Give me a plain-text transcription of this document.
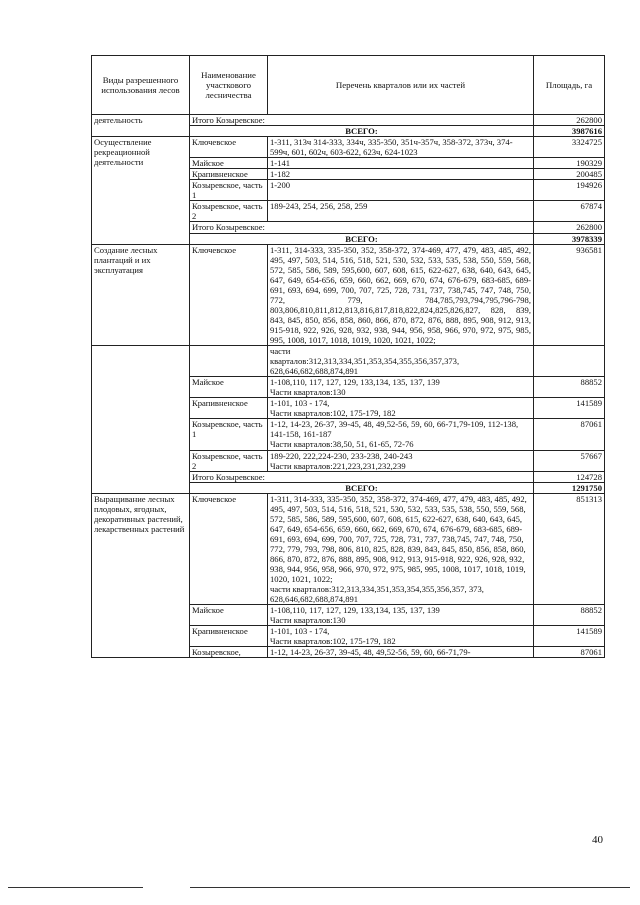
Виды разрешенного использования лесов	Наименование участкового лесничества	Перечень кварталов или их частей	Площадь, га
деятельность	Итого Козыревское:		262800
	ВСЕГО:		3987616
Осуществление рекреационной деятельности	Ключевское	1-311, 313ч 314-333, 334ч, 335-350, 351ч-357ч, 358-372, 373ч, 374-599ч, 601, 602ч, 603-622, 623ч, 624-1023	3324725
	Майское	1-141	190329
	Крапивненское	1-182	200485
	Козыревское, часть 1	1-200	194926
	Козыревское, часть 2	189-243, 254, 256, 258, 259	67874
	Итого Козыревское:		262800
	ВСЕГО:		3978339
Создание лесных плантаций и их эксплуатация	Ключевское	1-311, 314-333, 335-350, 352, 358-372, 374-469, 477, 479, 483, 485, 492, 495, 497, 503, 514, 516, 518, 521, 530, 532, 533, 535, 538, 550, 559, 568, 572, 585, 586, 589, 595,600, 607, 608, 615, 622-627, 638, 640, 643, 645, 647, 649, 654-656, 659, 660, 662, 669, 670, 674, 676-679, 683-685, 689-691, 693, 694, 699, 700, 707, 725, 728, 731, 737, 738,745, 747, 748, 750, 772, 779, 784,785,793,794,795,796-798, 803,806,810,811,812,813,816,817,818,822,824,825,826,827, 828, 839, 843, 845, 850, 856, 858, 860, 866, 870, 872, 876, 888, 895, 908, 912, 913, 915-918, 922, 926, 928, 932, 938, 944, 956, 958, 966, 970, 972, 975, 985, 995, 1008, 1017, 1018, 1019, 1020, 1021, 1022;	936581
		части
квартaлов:312,313,334,351,353,354,355,356,357,373, 628,646,682,688,874,891	
	Майское	1-108,110, 117, 127, 129, 133,134, 135, 137, 139
Части кварталов:130	88852
	Крапивненское	1-101, 103 - 174,
Части кварталов:102, 175-179, 182	141589
	Козыревское, часть 1	1-12, 14-23, 26-37, 39-45, 48, 49,52-56, 59, 60, 66-71,79-109, 112-138, 141-158, 161-187
Части кварталов:38,50, 51, 61-65, 72-76	87061
	Козыревское, часть 2	189-220, 222,224-230, 233-238, 240-243
Части кварталов:221,223,231,232,239	57667
	Итого Козыревское:		124728
	ВСЕГО:		1291750
Выращивание лесных плодовых, ягодных, декоративных растений, лекарственных растений	Ключевское	1-311, 314-333, 335-350, 352, 358-372, 374-469, 477, 479, 483, 485, 492, 495, 497, 503, 514, 516, 518, 521, 530, 532, 533, 535, 538, 550, 559, 568, 572, 585, 586, 589, 595,600, 607, 608, 615, 622-627, 638, 640, 643, 645, 647, 649, 654-656, 659, 660, 662, 669, 670, 674, 676-679, 683-685, 689-691, 693, 694, 699, 700, 707, 725, 728, 731, 737, 738,745, 747, 748, 750, 772, 779, 793, 798, 806, 810, 825, 828, 839, 843, 845, 850, 856, 858, 860, 866, 870, 872, 876, 888, 895, 908, 912, 913, 915-918, 922, 926, 928, 932, 938, 944, 956, 958, 966, 970, 972, 975, 985, 995, 1008, 1017, 1018, 1019, 1020, 1021, 1022;
части кварталов:312,313,334,351,353,354,355,356,357, 373, 628,646,682,688,874,891	851313
	Майское	1-108,110, 117, 127, 129, 133,134, 135, 137, 139
Части кварталов:130	88852
	Крапивненское	1-101, 103 - 174,
Части кварталов:102, 175-179, 182	141589
	Козыревское,	1-12, 14-23, 26-37, 39-45, 48, 49,52-56, 59, 60, 66-71,79-	87061
40
